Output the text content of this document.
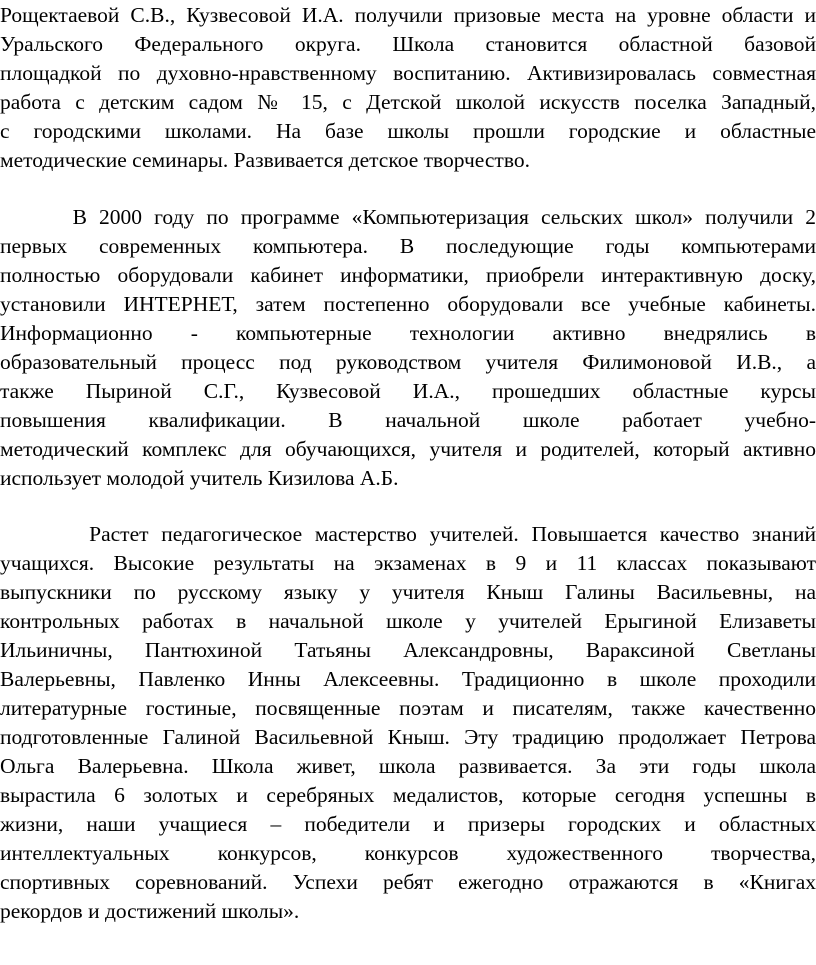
Рощектаевой С.В., Кузвесовой И.А. получили призовые места на уровне области и
Уральского Федерального округа. Школа становится областной базовой
площадкой по духовно-нравственному воспитанию. Активизировалась совместная
работа с детским садом № 15, с Детской школой искусств поселка Западный,
с городскими школами. На базе школы прошли городские и областные
методические семинары. Развивается детское творчество.
В 2000 году по программе «Компьютеризация сельских школ» получили 2
первых современных компьютера. В последующие годы компьютерами
полностью оборудовали кабинет информатики, приобрели интерактивную доску,
установили ИНТЕРНЕТ, затем постепенно оборудовали все учебные кабинеты.
Информационно - компьютерные технологии активно внедрялись в
образовательный процесс под руководством учителя Филимоновой И.В., а
также Пыриной С.Г., Кузвесовой И.А., прошедших областные курсы
повышения квалификации. В начальной школе работает учебно-
методический комплекс для обучающихся, учителя и родителей, который активно
использует молодой учитель Кизилова А.Б.
Растет педагогическое мастерство учителей. Повышается качество знаний
учащихся. Высокие результаты на экзаменах в 9 и 11 классах показывают
выпускники по русскому языку у учителя Кныш Галины Васильевны, на
контрольных работах в начальной школе у учителей Ерыгиной Елизаветы
Ильиничны, Пантюхиной Татьяны Александровны, Вараксиной Светланы
Валерьевны, Павленко Инны Алексеевны. Традиционно в школе проходили
литературные гостиные, посвященные поэтам и писателям, также качественно
подготовленные Галиной Васильевной Кныш. Эту традицию продолжает Петрова
Ольга Валерьевна. Школа живет, школа развивается. За эти годы школа
вырастила 6 золотых и серебряных медалистов, которые сегодня успешны в
жизни, наши учащиеся – победители и призеры городских и областных
интеллектуальных конкурсов, конкурсов художественного творчества,
спортивных соревнований. Успехи ребят ежегодно отражаются в «Книгах
рекордов и достижений школы».
